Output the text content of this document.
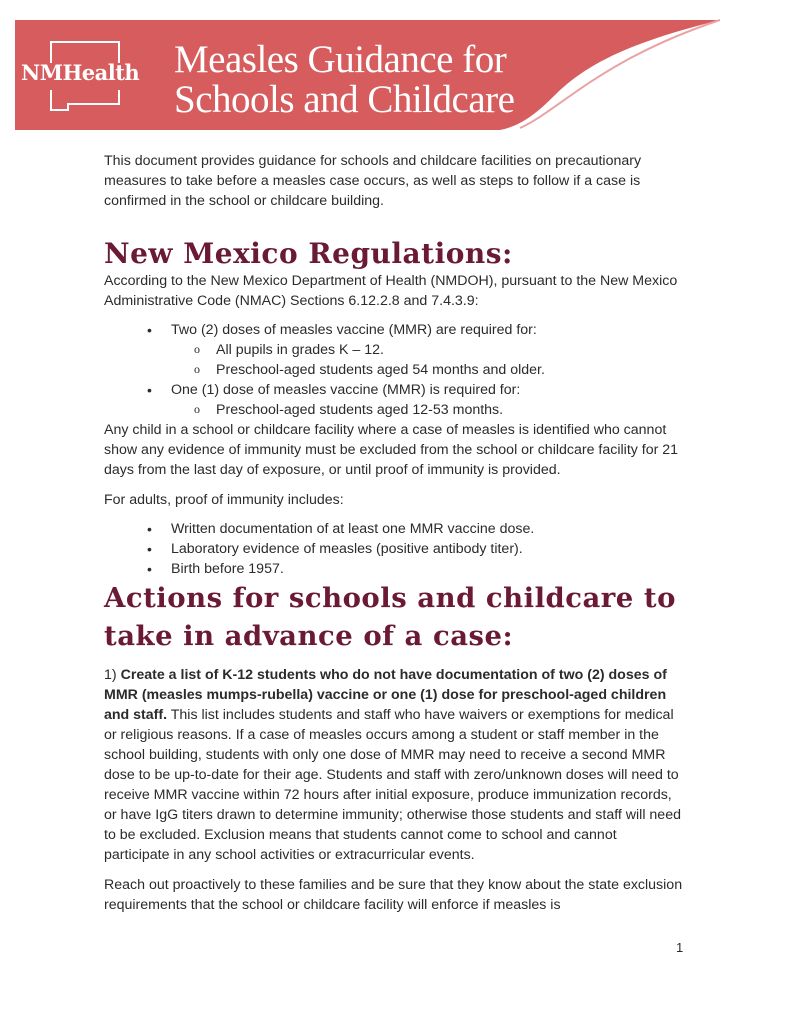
NMHealth Measles Guidance for
Schools and Childcare

This document provides guidance for schools and childcare facilities on precautionary measures to take before a measles case occurs, as well as steps to follow if a case is confirmed in the school or childcare building.

New Mexico Regulations:

According to the New Mexico Department of Health (NMDOH), pursuant to the New Mexico Administrative Code (NMAC) Sections 6.12.2.8 and 7.4.3.9:

• Two (2) doses of measles vaccine (MMR) are required for:
o All pupils in grades K – 12.
o Preschool-aged students aged 54 months and older.
• One (1) dose of measles vaccine (MMR) is required for:
o Preschool-aged students aged 12-53 months.

Any child in a school or childcare facility where a case of measles is identified who cannot show any evidence of immunity must be excluded from the school or childcare facility for 21 days from the last day of exposure, or until proof of immunity is provided.

For adults, proof of immunity includes:

• Written documentation of at least one MMR vaccine dose.
• Laboratory evidence of measles (positive antibody titer).
• Birth before 1957.
Actions for schools and childcare to
take in advance of a case:

1) Create a list of K-12 students who do not have documentation of two (2) doses of MMR (measles mumps-rubella) vaccine or one (1) dose for preschool-aged children and staff. This list includes students and staff who have waivers or exemptions for medical or religious reasons. If a case of measles occurs among a student or staff member in the school building, students with only one dose of MMR may need to receive a second MMR dose to be up-to-date for their age. Students and staff with zero/unknown doses will need to receive MMR vaccine within 72 hours after initial exposure, produce immunization records, or have IgG titers drawn to determine immunity; otherwise those students and staff will need to be excluded. Exclusion means that students cannot come to school and cannot participate in any school activities or extracurricular events.

Reach out proactively to these families and be sure that they know about the state exclusion requirements that the school or childcare facility will enforce if measles is

1
